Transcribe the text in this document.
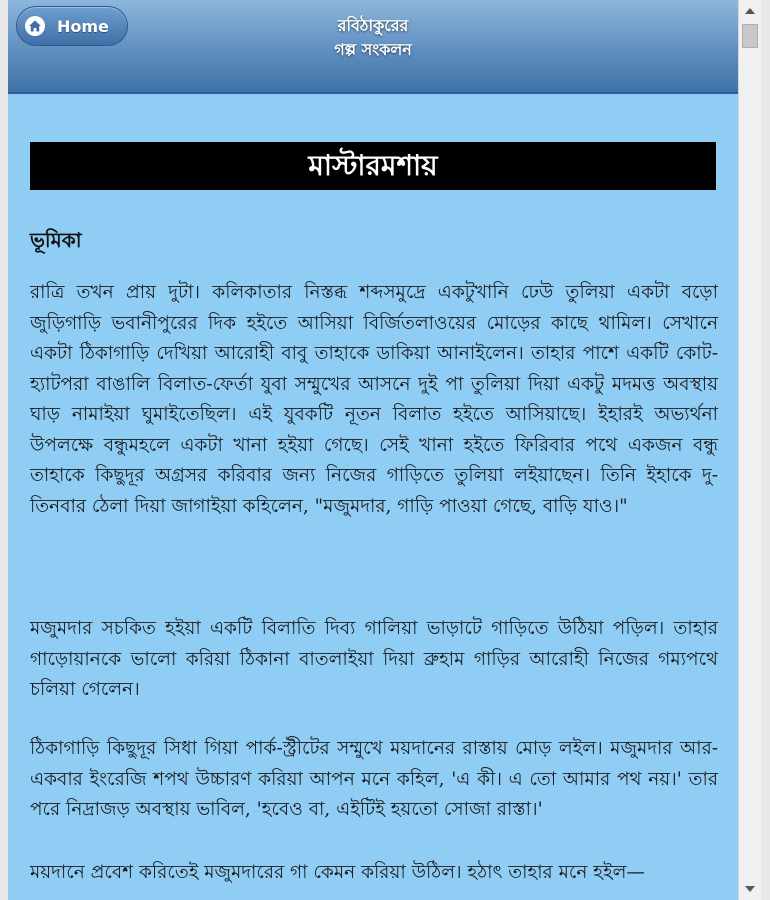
Home	রবিঠাকুরের
গল্প সংকলন
মাস্টারমশায়
ভূমিকা

রাত্রি তখন প্রায় দুটা। কলিকাতার নিস্তব্ধ শব্দসমুদ্রে একটুখানি ঢেউ তুলিয়া একটা বড়ো জুড়িগাড়ি ভবানীপুরের দিক হইতে আসিয়া বির্জিতলাওয়ের মোড়ের কাছে থামিল। সেখানে একটা ঠিকাগাড়ি দেখিয়া আরোহী বাবু তাহাকে ডাকিয়া আনাইলেন। তাহার পাশে একটি কোট-হ্যাটপরা বাঙালি বিলাত-ফের্তা যুবা সম্মুখের আসনে দুই পা তুলিয়া দিয়া একটু মদমত্ত অবস্থায় ঘাড় নামাইয়া ঘুমাইতেছিল। এই যুবকটি নূতন বিলাত হইতে আসিয়াছে। ইহারই অভ্যর্থনা উপলক্ষে বন্ধুমহলে একটা খানা হইয়া গেছে। সেই খানা হইতে ফিরিবার পথে একজন বন্ধু তাহাকে কিছুদূর অগ্রসর করিবার জন্য নিজের গাড়িতে তুলিয়া লইয়াছেন। তিনি ইহাকে দু-তিনবার ঠেলা দিয়া জাগাইয়া কহিলেন, "মজুমদার, গাড়ি পাওয়া গেছে, বাড়ি যাও।"

মজুমদার সচকিত হইয়া একটি বিলাতি দিব্য গালিয়া ভাড়াটে গাড়িতে উঠিয়া পড়িল। তাহার গাড়োয়ানকে ভালো করিয়া ঠিকানা বাতলাইয়া দিয়া ব্রুহাম গাড়ির আরোহী নিজের গম্যপথে চলিয়া গেলেন।

ঠিকাগাড়ি কিছুদূর সিধা গিয়া পার্ক-স্ট্রীটের সম্মুখে ময়দানের রাস্তায় মোড় লইল। মজুমদার আর-একবার ইংরেজি শপথ উচ্চারণ করিয়া আপন মনে কহিল, 'এ কী। এ তো আমার পথ নয়।' তার পরে নিদ্রাজড় অবস্থায় ভাবিল, 'হবেও বা, এইটিই হয়তো সোজা রাস্তা।'

ময়দানে প্রবেশ করিতেই মজুমদারের গা কেমন করিয়া উঠিল। হঠাৎ তাহার মনে হইল—
